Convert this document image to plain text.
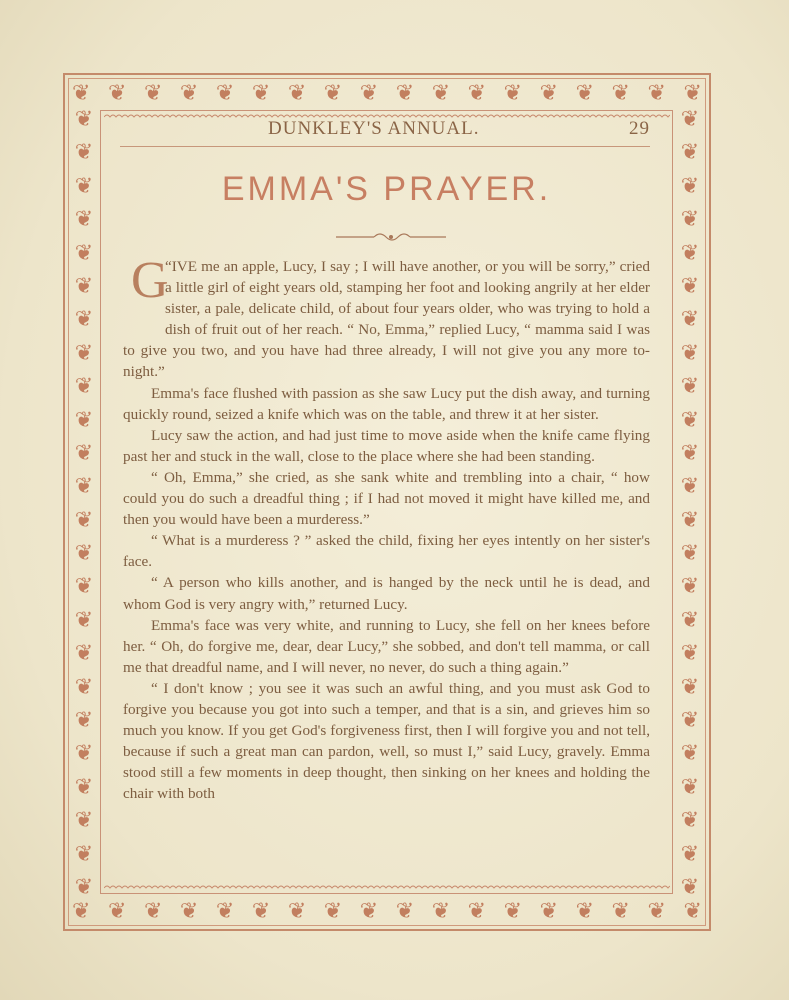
❦ ❦ ❦ ❦ ❦ ❦ ❦ ❦ ❦ ❦ ❦ ❦ ❦ ❦ ❦ ❦ ❦ ❦
❦ ❦ ❦ ❦ ❦ ❦ ❦ ❦ ❦ ❦ ❦ ❦ ❦ ❦ ❦ ❦ ❦ ❦
❦
❦
❦
❦
❦
❦
❦
❦
❦
❦
❦
❦
❦
❦
❦
❦
❦
❦
❦
❦
❦
❦
❦
❦
❦
❦
❦
❦
❦
❦
❦
❦
❦
❦
❦
❦
❦
❦
❦
❦
❦
❦
❦
❦
❦
❦
❦
❦
DUNKLEY'S ANNUAL.	29
EMMA'S PRAYER.

G
“IVE me an apple, Lucy, I say ; I will have another, or you will be sorry,” cried a little girl of eight years old, stamping her foot and looking angrily at her elder sister, a pale, delicate child, of about four years older, who was trying to hold a dish of fruit out of her reach. “ No, Emma,” replied Lucy, “ mamma said I was to give you two, and you have had three already, I will not give you any more to-night.”

Emma's face flushed with passion as she saw Lucy put the dish away, and turning quickly round, seized a knife which was on the table, and threw it at her sister.

Lucy saw the action, and had just time to move aside when the knife came flying past her and stuck in the wall, close to the place where she had been standing.

“ Oh, Emma,” she cried, as she sank white and trembling into a chair, “ how could you do such a dreadful thing ; if I had not moved it might have killed me, and then you would have been a murderess.”

“ What is a murderess ? ” asked the child, fixing her eyes intently on her sister's face.

“ A person who kills another, and is hanged by the neck until he is dead, and whom God is very angry with,” returned Lucy.

Emma's face was very white, and running to Lucy, she fell on her knees before her. “ Oh, do forgive me, dear, dear Lucy,” she sobbed, and don't tell mamma, or call me that dreadful name, and I will never, no never, do such a thing again.”

“ I don't know ; you see it was such an awful thing, and you must ask God to forgive you because you got into such a temper, and that is a sin, and grieves him so much you know. If you get God's forgiveness first, then I will forgive you and not tell, because if such a great man can pardon, well, so must I,” said Lucy, gravely. Emma stood still a few moments in deep thought, then sinking on her knees and holding the chair with both
